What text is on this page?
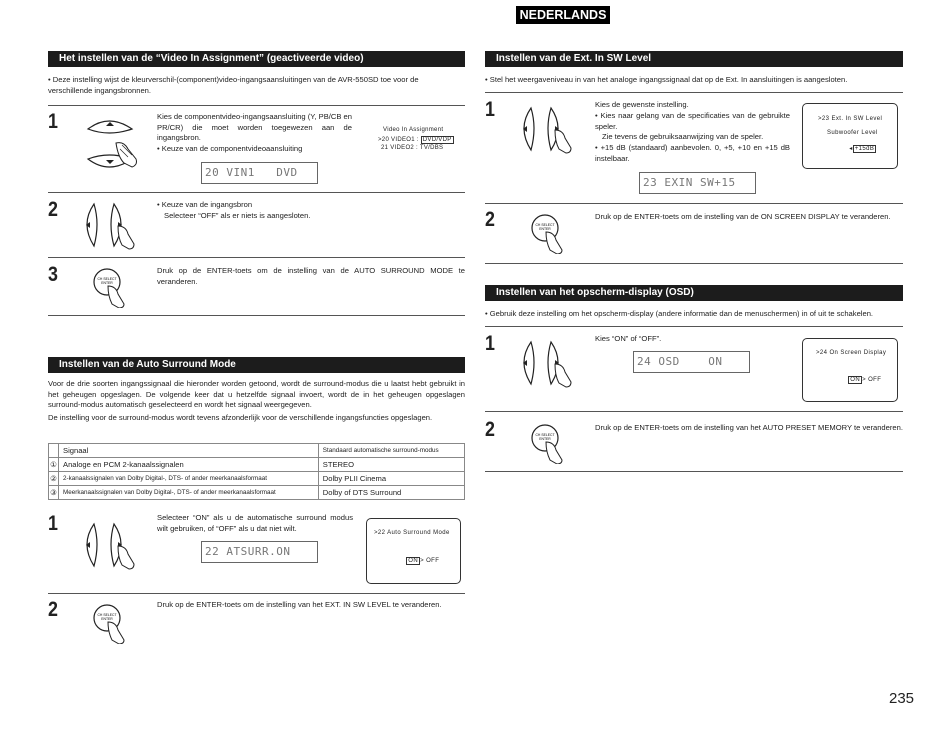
NEDERLANDS
Het instellen van de “Video In Assignment” (geactiveerde video)
• Deze instelling wijst de kleurverschil-(component)video-ingangsaansluitingen van de AVR-550SD toe voor de verschillende ingangsbronnen.
1	Kies de componentvideo-ingangsaansluiting (Y, PB/CB en PR/CR) die moet worden toegewezen aan de ingangsbron.
• Keuze van de componentvideoaansluiting
20 VIN1   DVD
Video In Assignment
>20 VIDEO1 : DVD/VDP
21 VIDEO2 : TV/DBS
2	• Keuze van de ingangsbron
Selecteer “OFF” als er niets is aangesloten.
3	CH SELECT
ENTER
Druk op de ENTER-toets om de instelling van de AUTO SURROUND MODE te veranderen.
Instellen van de Auto Surround Mode
Voor de drie soorten ingangssignaal die hieronder worden getoond, wordt de surround-modus die u laatst hebt gebruikt in het geheugen opgeslagen. De volgende keer dat u hetzelfde signaal invoert, wordt de in het geheugen opgeslagen surround-modus automatisch geselecteerd en wordt het signaal weergegeven.
De instelling voor de surround-modus wordt tevens afzonderlijk voor de verschillende ingangsfuncties opgeslagen.
	Signaal	Standaard automatische surround-modus
①	Analoge en PCM 2-kanaalssignalen	STEREO
②	2-kanaalssignalen van Dolby Digital-, DTS- of ander meerkanaalsformaat	Dolby PLII Cinema
③	Meerkanaalssignalen van Dolby Digital-, DTS- of ander meerkanaalsformaat	Dolby of DTS Surround
1	Selecteer “ON” als u de automatische surround modus wilt gebruiken, of “OFF” als u dat niet wilt.
22 ATSURR.ON
>22 Auto Surround Mode

ON > OFF

2	CH SELECT
ENTER
Druk op de ENTER-toets om de instelling van het EXT. IN SW LEVEL te veranderen.
Instellen van de Ext. In SW Level
• Stel het weergaveniveau in van het analoge ingangssignaal dat op de Ext. In aansluitingen is aangesloten.
1	Kies de gewenste instelling.
• Kies naar gelang van de specificaties van de gebruikte speler.
Zie tevens de gebruiksaanwijzing van de speler.
• +15 dB (standaard) aanbevolen. 0, +5, +10 en +15 dB instelbaar.
23 EXIN SW+15
>23 Ext. In SW Level
Subwoofer Level

◂ +15dB

2	CH SELECT
ENTER
Druk op de ENTER-toets om de instelling van de ON SCREEN DISPLAY te veranderen.
Instellen van het opscherm-display (OSD)
• Gebruik deze instelling om het opscherm-display (andere informatie dan de menuschermen) in of uit te schakelen.
1	Kies “ON” of “OFF”.
24 OSD    ON
>24 On Screen Display

ON > OFF

2	CH SELECT
ENTER
Druk op de ENTER-toets om de instelling van het AUTO PRESET MEMORY te veranderen.
235
